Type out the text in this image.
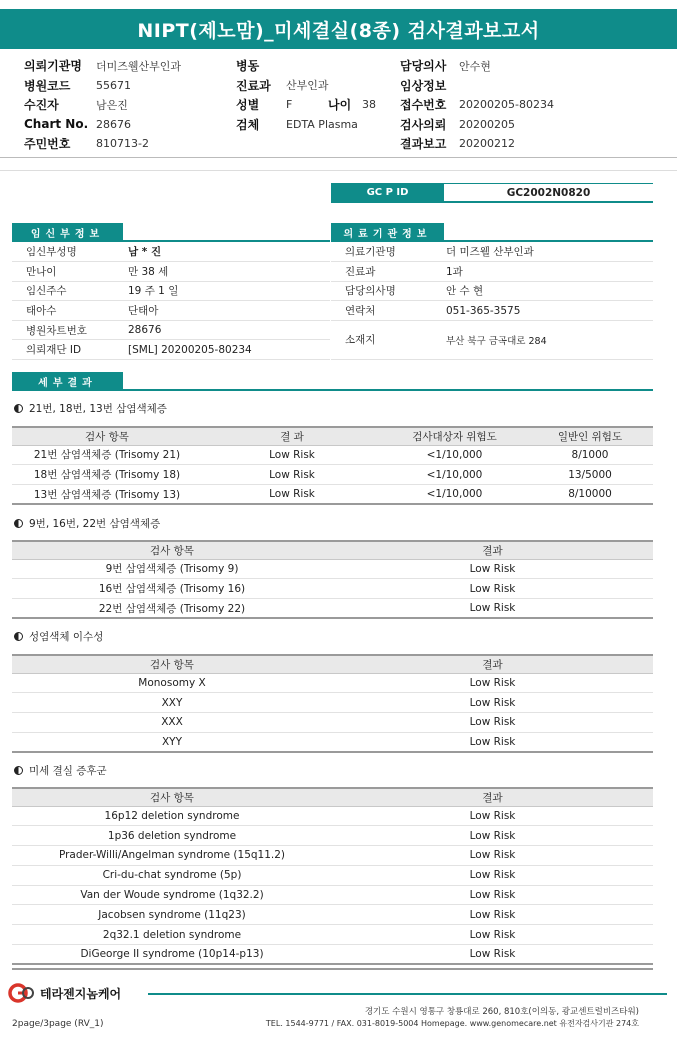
NIPT(제노맘)_미세결실(8종) 검사결과보고서
의뢰기관명	더미즈웰산부인과
병원코드	55671
수진자	남은진
Chart No. 28676
주민번호	810713-2
병동
진료과	산부인과
성별	F	나이 38
검체	EDTA Plasma
담당의사	안수현
임상정보
접수번호	20200205-80234
검사의뢰	20200205
결과보고	20200212
GC P ID	GC2002N0820
임신부정보
임신부성명	남 * 진

만나이	만 38 세

임신주수	19 주 1 일

태아수	단태아

병원차트번호	28676

의뢰재단 ID	[SML] 20200205-80234
의료기관정보
의료기관명	더 미즈웰 산부인과

진료과	1과

담당의사명	안 수 현

연락처	051-365-3575

소재지	부산 북구 금곡대로 284
세부결과
21번, 18번, 13번 삼염색체증
검사 항목	결 과	검사대상자 위험도	일반인 위험도
21번 삼염색체증 (Trisomy 21)	Low Risk	<1/10,000	8/1000
18번 삼염색체증 (Trisomy 18)	Low Risk	<1/10,000	13/5000
13번 삼염색체증 (Trisomy 13)	Low Risk	<1/10,000	8/10000
9번, 16번, 22번 삼염색체증
검사 항목	결과
9번 삼염색체증 (Trisomy 9)	Low Risk
16번 삼염색체증 (Trisomy 16)	Low Risk
22번 삼염색체증 (Trisomy 22)	Low Risk
성염색체 이수성
검사 항목	결과
Monosomy X	Low Risk
XXY	Low Risk
XXX	Low Risk
XYY	Low Risk
미세 결실 증후군
검사 항목	결과
16p12 deletion syndrome	Low Risk
1p36 deletion syndrome	Low Risk
Prader-Willi/Angelman syndrome (15q11.2)	Low Risk
Cri-du-chat syndrome (5p)	Low Risk
Van der Woude syndrome (1q32.2)	Low Risk
Jacobsen syndrome (11q23)	Low Risk
2q32.1 deletion syndrome	Low Risk
DiGeorge II syndrome (10p14-p13)	Low Risk
테라젠지놈케어
경기도 수원시 영통구 창룡대로 260, 810호(이의동, 광교센트럴비즈타워)
TEL. 1544-9771 / FAX. 031-8019-5004 Homepage. www.genomecare.net 유전자검사기관 274호
2page/3page (RV_1)
